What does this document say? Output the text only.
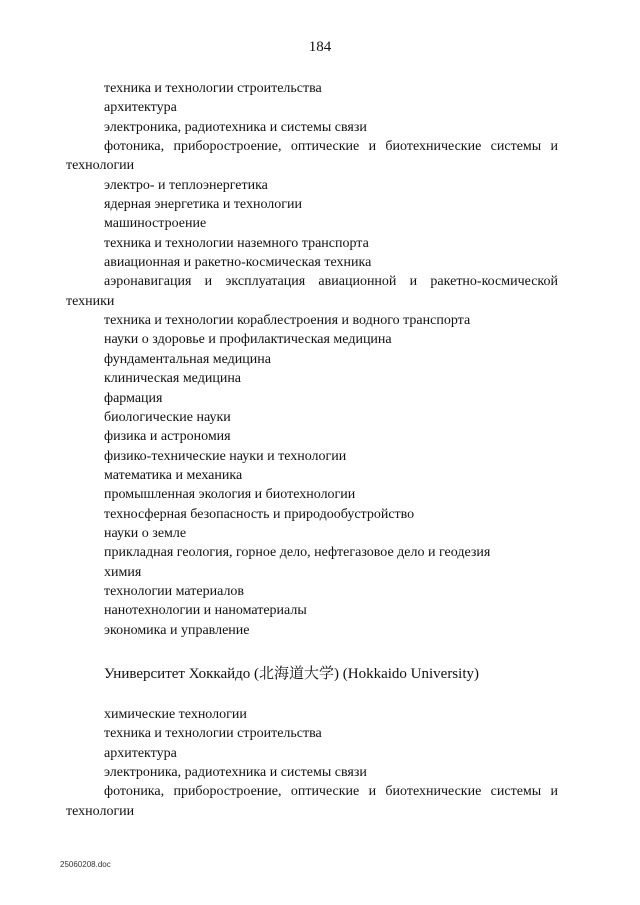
184

техника и технологии строительства

архитектура

электроника, радиотехника и системы связи

фотоника, приборостроение, оптические и биотехнические системы и технологии

электро- и теплоэнергетика

ядерная энергетика и технологии

машиностроение

техника и технологии наземного транспорта

авиационная и ракетно-космическая техника

аэронавигация и эксплуатация авиационной и ракетно-космической техники

техника и технологии кораблестроения и водного транспорта

науки о здоровье и профилактическая медицина

фундаментальная медицина

клиническая медицина

фармация

биологические науки

физика и астрономия

физико-технические науки и технологии

математика и механика

промышленная экология и биотехнологии

техносферная безопасность и природообустройство

науки о земле

прикладная геология, горное дело, нефтегазовое дело и геодезия

химия

технологии материалов

нанотехнологии и наноматериалы

экономика и управление

Университет Хоккайдо (北海道大学) (Hokkaido University)

химические технологии

техника и технологии строительства

архитектура

электроника, радиотехника и системы связи

фотоника, приборостроение, оптические и биотехнические системы и технологии

25060208.doc
